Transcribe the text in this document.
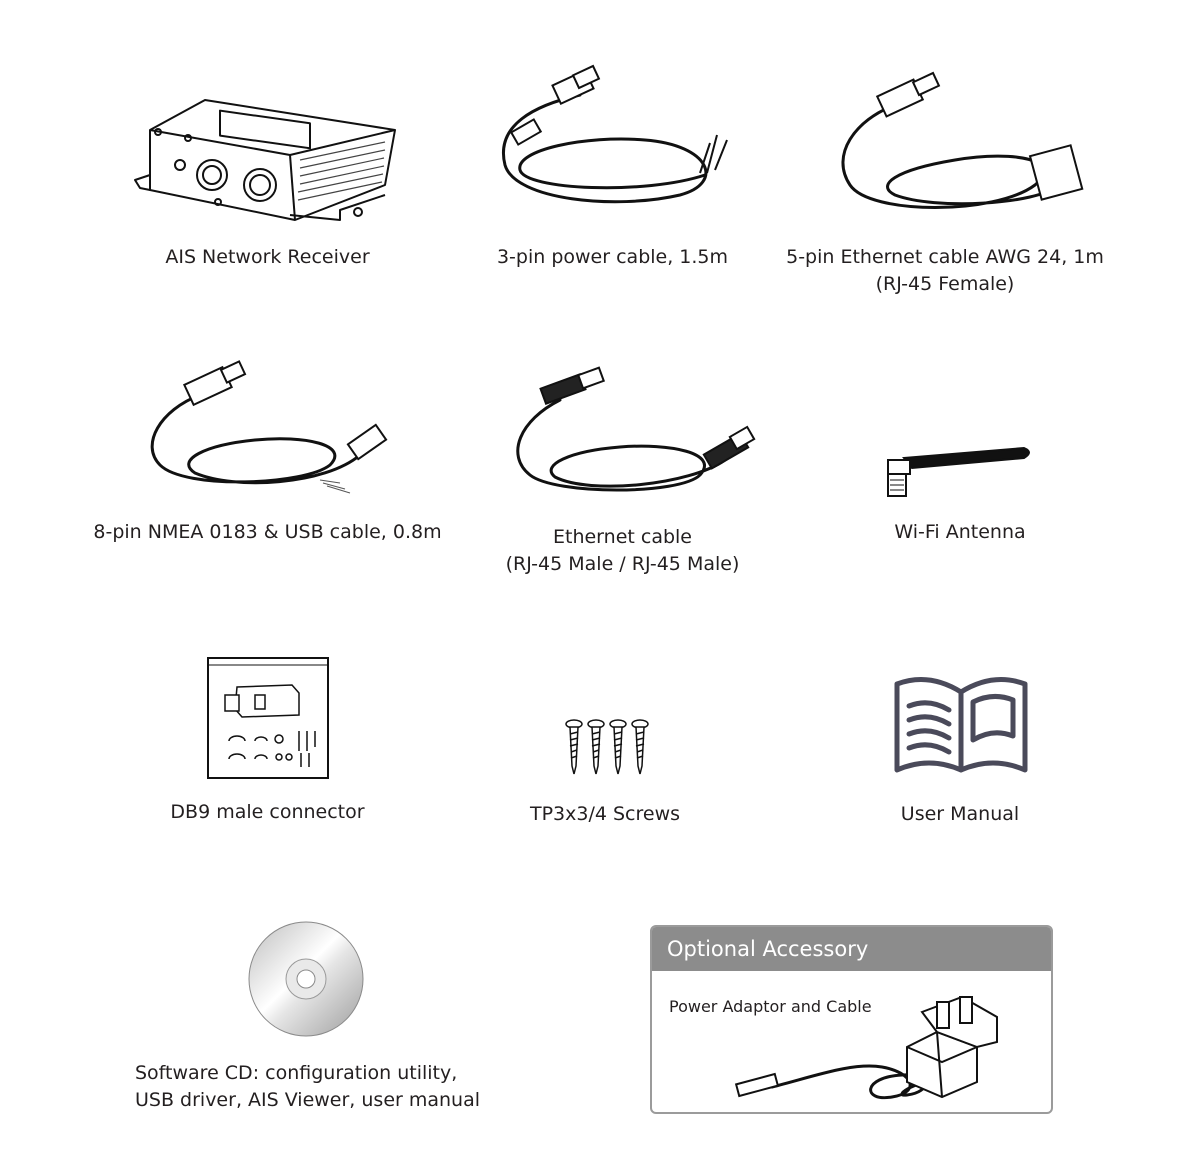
AIS Network Receiver	3-pin power cable, 1.5m	5-pin Ethernet cable AWG 24, 1m
(RJ-45 Female)
8-pin NMEA 0183 & USB cable, 0.8m	Ethernet cable
(RJ-45 Male / RJ-45 Male)
Wi-Fi Antenna
DB9 male connector	TP3x3/4 Screws	User Manual
Software CD: configuration utility,
USB driver, AIS Viewer, user manual
Optional Accessory
Power Adaptor and Cable
